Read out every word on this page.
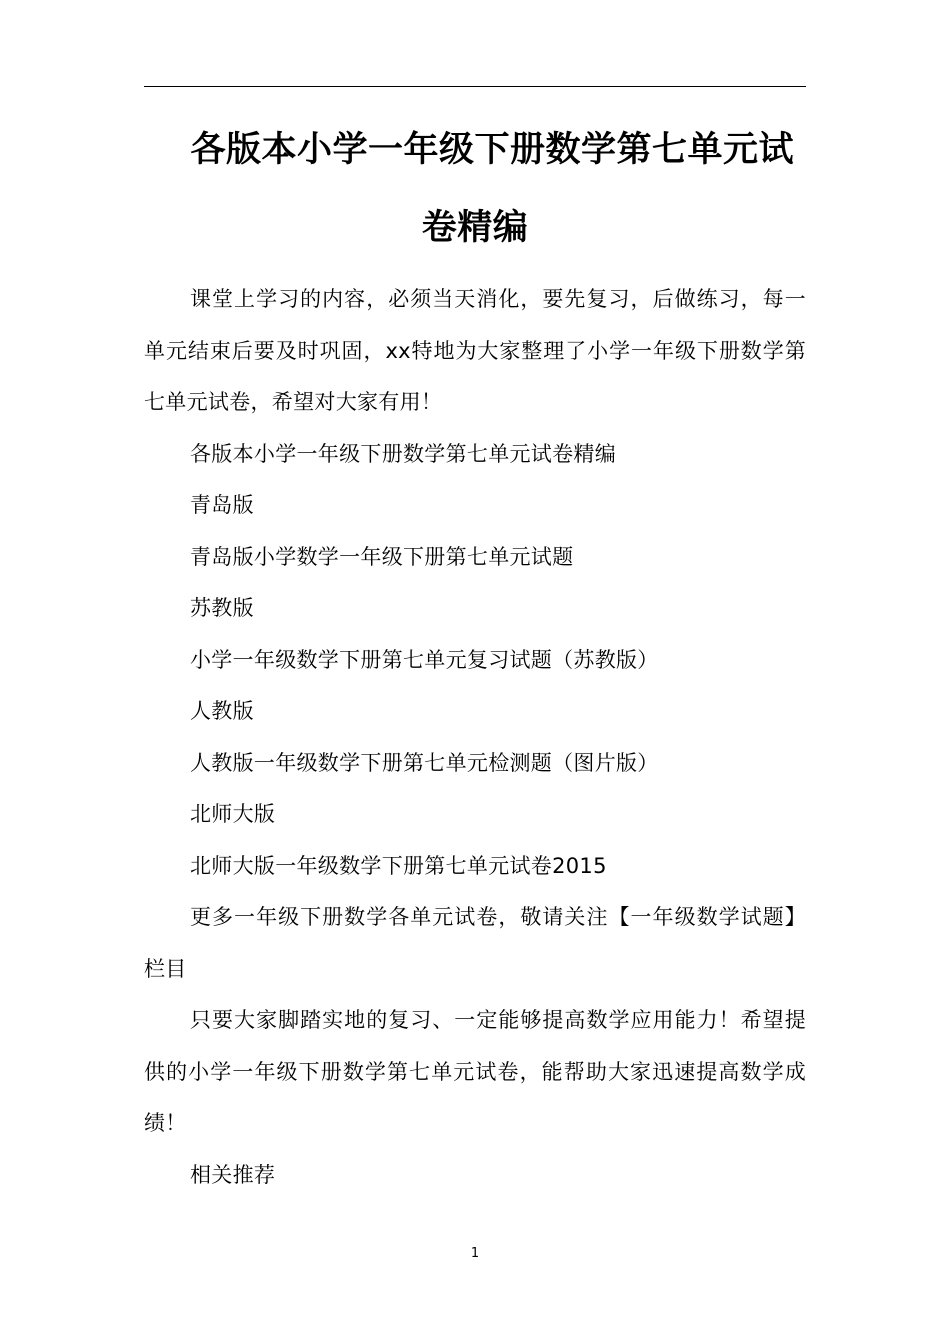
各版本小学一年级下册数学第七单元试
卷精编

课堂上学习的内容，必须当天消化，要先复习，后做练习，每一单元结束后要及时巩固，xx特地为大家整理了小学一年级下册数学第七单元试卷，希望对大家有用！

各版本小学一年级下册数学第七单元试卷精编

青岛版

青岛版小学数学一年级下册第七单元试题

苏教版

小学一年级数学下册第七单元复习试题（苏教版）

人教版

人教版一年级数学下册第七单元检测题（图片版）

北师大版

北师大版一年级数学下册第七单元试卷2015

更多一年级下册数学各单元试卷，敬请关注【一年级数学试题】栏目

只要大家脚踏实地的复习、一定能够提高数学应用能力！希望提供的小学一年级下册数学第七单元试卷，能帮助大家迅速提高数学成绩！

相关推荐

1
